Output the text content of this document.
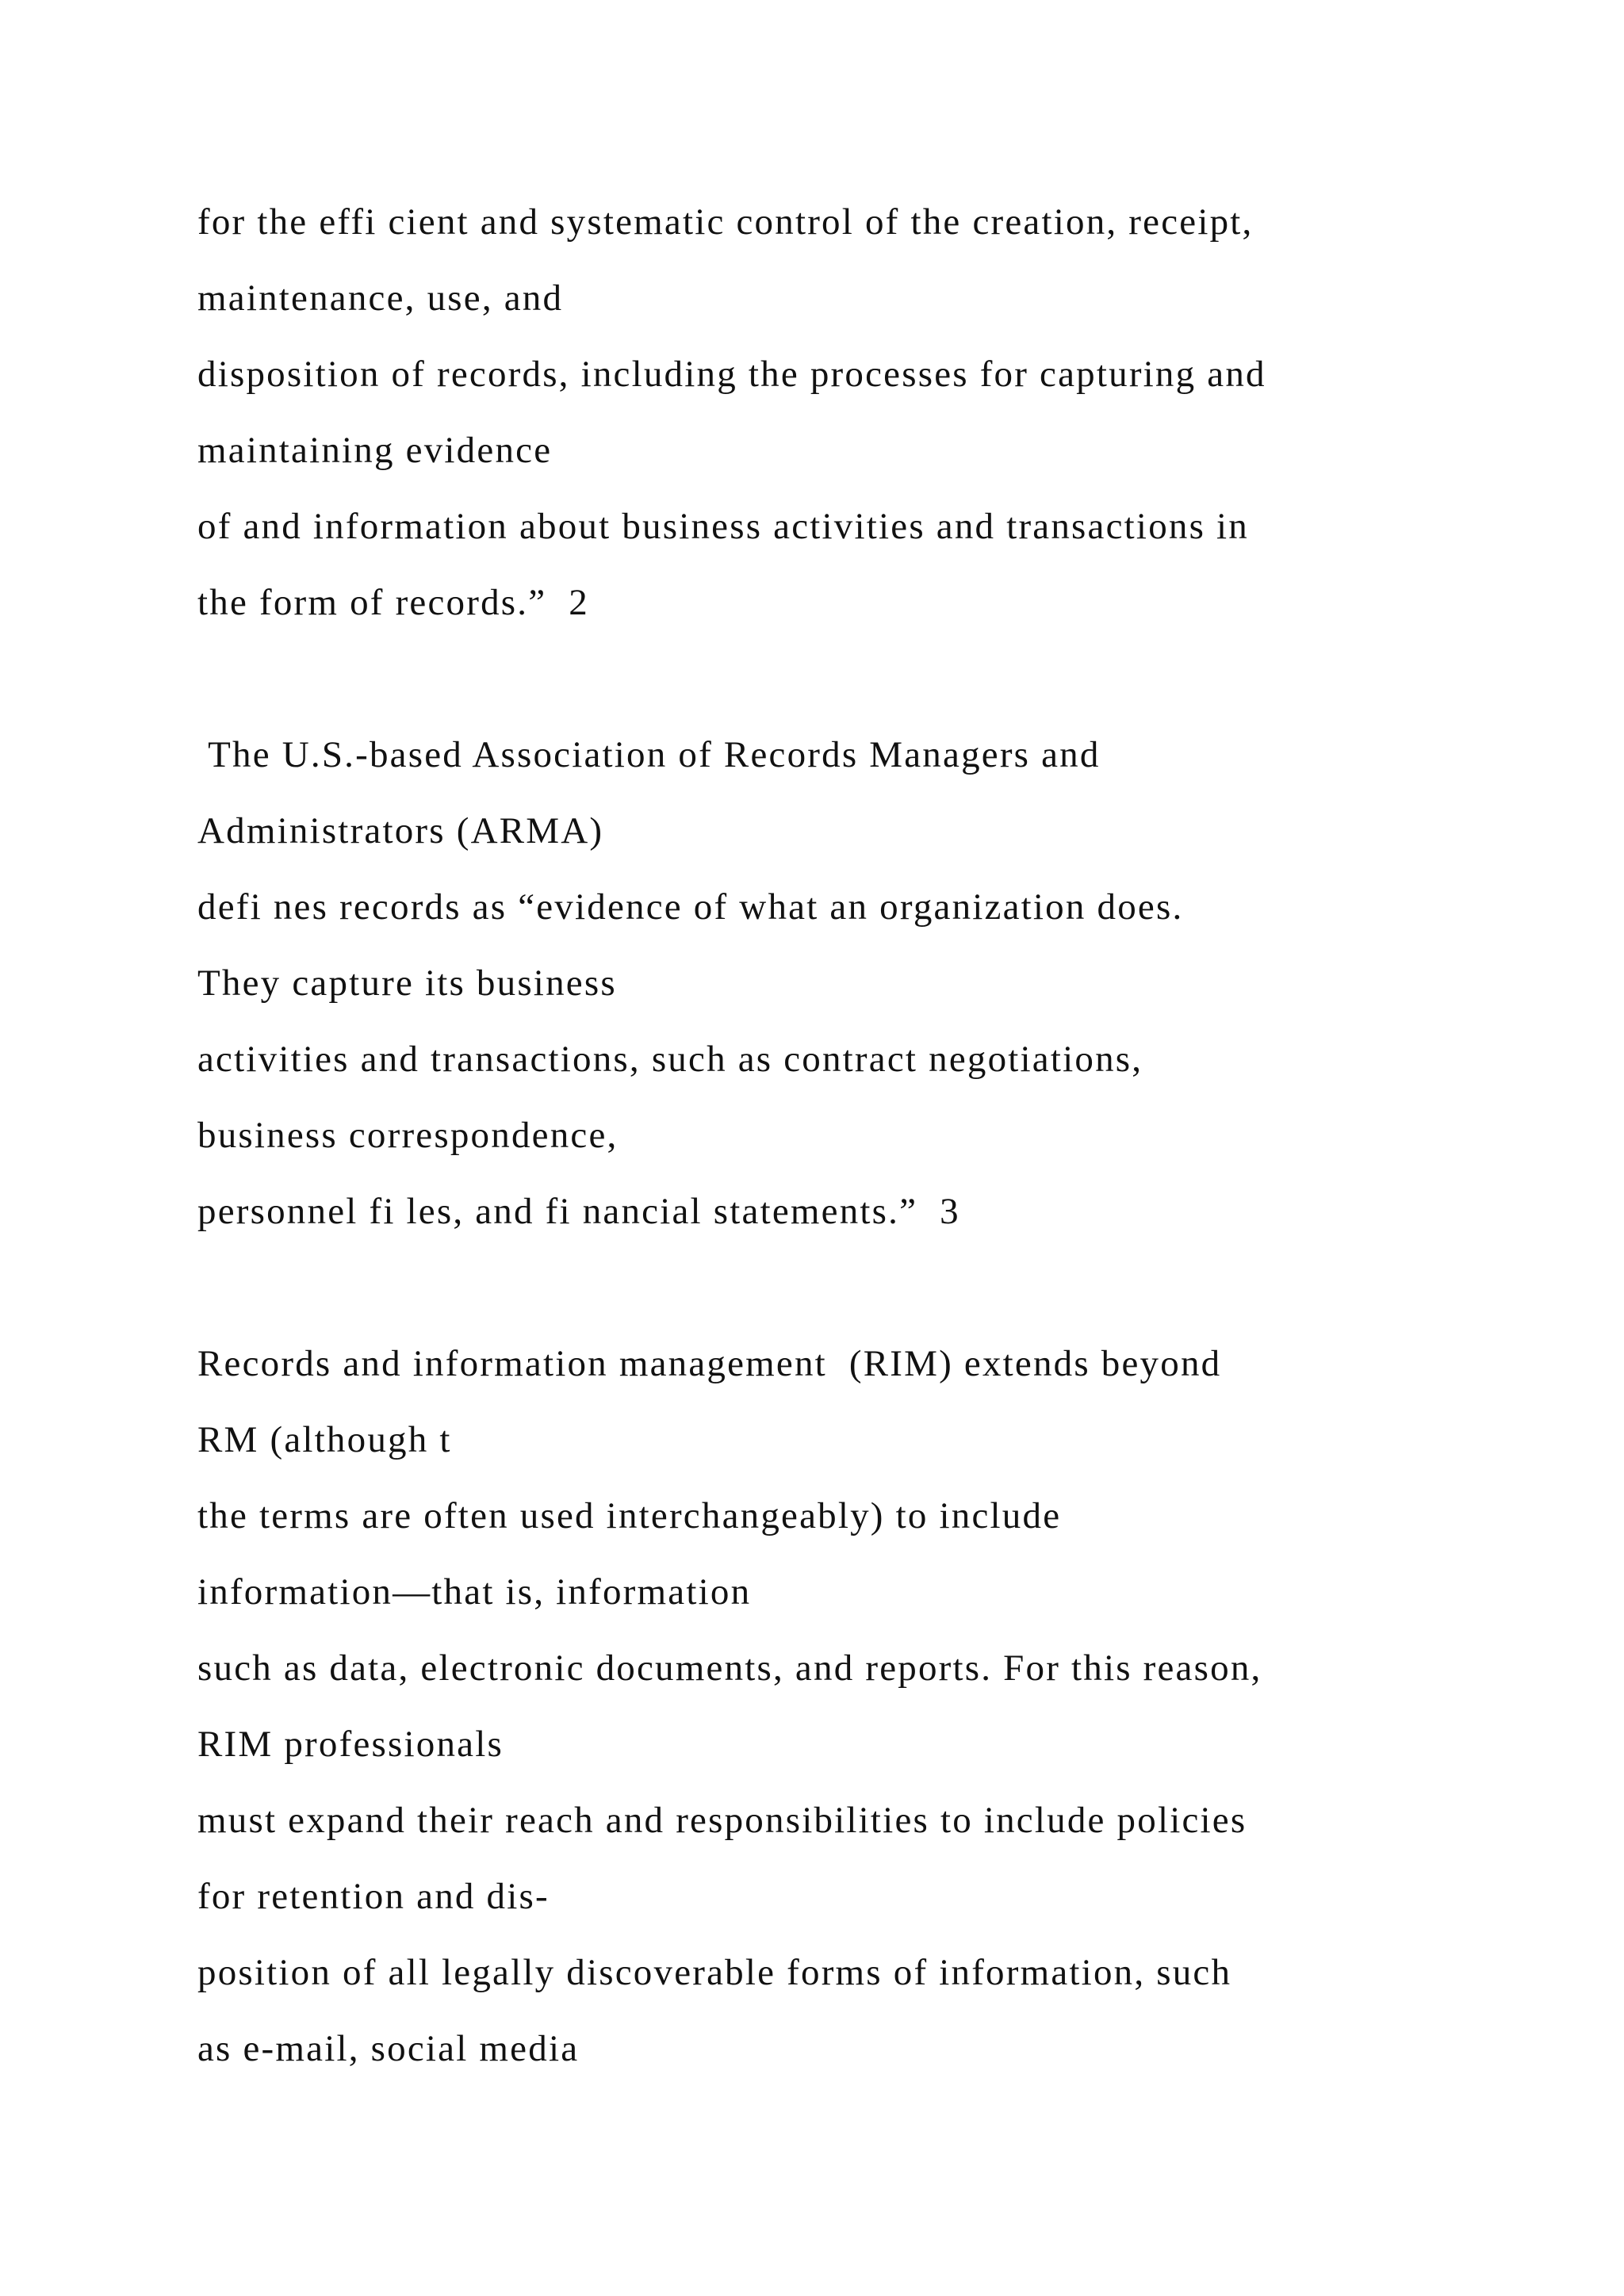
for the effi cient and systematic control of the creation, receipt,

maintenance, use, and

disposition of records, including the processes for capturing and

maintaining evidence

of and information about business activities and transactions in

the form of records.”  2

The U.S.-based Association of Records Managers and

Administrators (ARMA)

defi nes records as “evidence of what an organization does.

They capture its business

activities and transactions, such as contract negotiations,

business correspondence,

personnel fi les, and fi nancial statements.”  3

Records and information management  (RIM) extends beyond

RM (although t

the terms are often used interchangeably) to include

information—that is, information

such as data, electronic documents, and reports. For this reason,

RIM professionals

must expand their reach and responsibilities to include policies

for retention and dis-

position of all legally discoverable forms of information, such

as e-mail, social media
